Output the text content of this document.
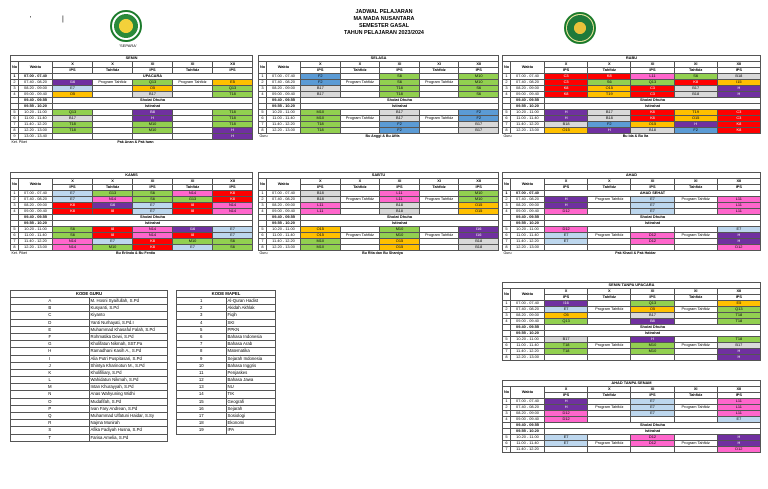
'	|
'SEPARA'
JADWAL PELAJARAN
MA MADA NUSANTARA
SEMESTER GASAL
TAHUN PELAJARAN 2023/2024
SENIN						
No	Waktu	X	X	XI	XI	XII
		IPS	Tahfidz	IPS	Tahfidz	IPS
1	07.00 - 07.40	UPACARA				
2	07.40 - 08.20	I16	Program Tahfidz	Q13	Program Tahfidz	E5
3	08.20 - 09.00	E7		O5		Q13
4	09.00 - 09.40	O5		B17		T18
	09.40 - 09.55	Sholat Dhuha				
	09.55 - 10.20	Istirahat				
5	10.20 - 11.00	Q13		B8		T18
6	11.00 - 11.40	B17		H		T18
7	11.40 - 12.20	T18		M10		T18
8	12.20 - 13.00	T18		M10		H
9	13.00 - 13.40					H
Ket. Piket	Pak Anan & Pak Iwan					
SELASA						
No	Waktu	X	X	XI	XI	XII
		IPS	Tahfidz	IPS	Tahfidz	IPS
1	07.00 - 07.40	F2		S6		M10
2	07.40 - 08.20	F2	Program Tahfidz	S6	Program Tahfidz	M10
3	08.20 - 09.00	B17		T18		S6
4	09.00 - 09.40	B17		T18		S6
	09.40 - 09.55	Sholat Dhuha				
	09.55 - 10.20	Istirahat				
5	10.20 - 11.00	M10		B17		F2
6	11.00 - 11.40	M10	Program Tahfidz	B17	Program Tahfidz	F2
7	11.40 - 12.20	T18		F2		B17
8	12.20 - 13.00	T18		F2		B17
Guru	Bu Anggi & Bu Afifa					
RABU						
No	Waktu	X	X	XI	XI	XII
		IPS	Tahfidz	IPS	Tahfidz	IPS
1	07.00 - 07.40	C3	K8	L11	S6	B18
2	07.40 - 08.20	C3	S6	Q13	K8	I15
3	08.20 - 09.00	K8	O15	C3	B17	H
4	09.00 - 09.40	K8	T19	C3	B18	H
	09.40 - 09.55	Sholat Dhuha				
	09.55 - 10.20	Istirahat				
5	10.20 - 11.00	H	B17	K8	T19	C3
6	11.00 - 11.40	H	B18	K8	O15	C3
7	11.40 - 12.20	B18	F2	O15	H	K8
8	12.20 - 13.00	O15	H	B18	F2	K8
Guru	Bu Ida & Bu Ita					
KAMIS						
No	Waktu	X	X	XI	XI	XII
		IPS	Tahfidz	IPS	Tahfidz	IPS
1	07.00 - 07.40	E7	G13	S6	N14	K8
2	07.40 - 08.20	E7	N14	S6	G13	K8
3	08.20 - 09.00	K8	I16	E7	I8	N14
4	09.00 - 09.40	K8	I8	E7	I8	N14
	09.40 - 09.55	Sholat Dhuha				
	09.55 - 10.20	Istirahat				
5	10.20 - 11.00	S6	I8	N14	I16	E7
6	11.00 - 11.40	S6	I8	N14	I8	E7
7	11.40 - 12.20	N14	E7	K8	M10	S6
8	12.20 - 13.00	N14	M10	K8	E7	S6
Ket. Piket	Bu Erlinda & Bu Fentia					
SABTU						
No	Waktu	X	X	XI	XI	XII
		IPS	Tahfidz	IPS	Tahfidz	IPS
1	07.00 - 07.40	B18		L11		M10
2	07.40 - 08.20	B18	Program Tahfidz	L11	Program Tahfidz	M10
3	08.20 - 09.00	L11		B18		O15
4	09.00 - 09.40	L11		B18		O15
	09.40 - 09.55	Sholat Dhuha				
	09.55 - 10.20	Istirahat				
5	10.20 - 11.00	O15		M10		I16
6	11.00 - 11.40	O15	Program Tahfidz	M10	Program Tahfidz	I16
7	11.40 - 12.20	M10		O15		B18
8	12.20 - 13.00	M10		O15		B18
Guru	Bu Rita dan Bu Shantya					
AHAD						
No	Waktu	X	X	XI	XI	XII
		IPS	Tahfidz	IPS	Tahfidz	IPS
1	07.00 - 07.40	AHAD SEHAT				
2	07.40 - 08.20	H	Program Tahfidz	E7	Program Tahfidz	L11
3	08.20 - 09.00	H		E7		L11
4	09.00 - 09.40	D12		E7		L11
	09.40 - 09.55	Sholat Dhuha				
	09.55 - 10.20	Istirahat				
5	10.20 - 11.00	D12				E7
6	11.00 - 11.40	E7	Program Tahfidz	D12	Program Tahfidz	H
7	11.40 - 12.20	E7		D12		H
8	12.20 - 13.00					D12
Guru	Pak Khadi & Pak Haidar					
SENIN TANPA UPACARA						
No	Waktu	X	X	XI	XI	XII
		IPS	Tahfidz	IPS	Tahfidz	IPS
1	07.00 - 07.40	I16		Q13		E5
2	07.40 - 08.20	E7	Program Tahfidz	O5	Program Tahfidz	Q13
3	08.20 - 09.00	O5		B17		T18
4	09.00 - 09.40	Q13		B8		T18
	09.40 - 09.55	Sholat Dhuha				
	09.55 - 10.20	Istirahat				
5	10.20 - 11.00	B17		H		T18
6	11.00 - 11.40	T18	Program Tahfidz	M10	Program Tahfidz	B17
7	11.40 - 12.20	T18		M10		H
8	12.20 - 13.00					H
AHAD TANPA SENAM						
No	Waktu	X	X	XI	XI	XII
		IPS	Tahfidz	IPS	Tahfidz	IPS
1	07.00 - 07.40	H		E7		L11
2	07.40 - 08.20	H	Program Tahfidz	E7	Program Tahfidz	L11
3	08.20 - 09.00	D12		E7		L11
4	09.00 - 09.40	D12				E7
	09.40 - 09.55	Sholat Dhuha				
	09.55 - 10.20	Istirahat				
5	10.20 - 11.00	E7		D12		H
6	11.00 - 11.40	E7	Program Tahfidz	D12	Program Tahfidz	H
7	11.40 - 12.20					D12
KODE GURU	
A	M. Hosni Syaifullah, S.Pd
B	Kusyanti, S.Pd
C	Kiyanto
D	Yanti Nurhayati, S.Pd.I
E	Muhammad Khasaful Falah, S.Pd
F	Rohmatika Dewi, S.Pd
G	Kholifatun Nikmah, SST.Pa
H	Ramadhani Kasih A., S.Pd
I	Alia Putri Puspitasari, S.Pd
J	Shintya Kharinotun M., S.Pd
K	Kholifiliary, S.Pd
L	Wahidatun Nikmah, S.Pd
M	Intan Khurayyah, S.Pd
N	Anas Wahyuning Widhi
O	Mudafifah, S.Pd
P	Ivan Fary Andrean, S.Pd
Q	Muhammad Ulfatuni Haidar, S.Sy
R	Najma Munirah
S	Afika Fadiyah Husna, S.Pd
T	Farisa Amelia, S.Pd
KODE MAPEL	
1	Al-Quran Hadist
2	Akidah Akhlak
3	Fiqih
4	SKI
5	PPKN
6	Bahasa Indonesia
7	Bahasa Arab
8	Matematika
9	Sejarah Indonesia
10	Bahasa Inggris
11	Penjaskes
12	Bahasa Jawa
13	NU
14	TIK
15	Geografi
16	Sejarah
17	Sosiologi
18	Ekonomi
19	IPA
